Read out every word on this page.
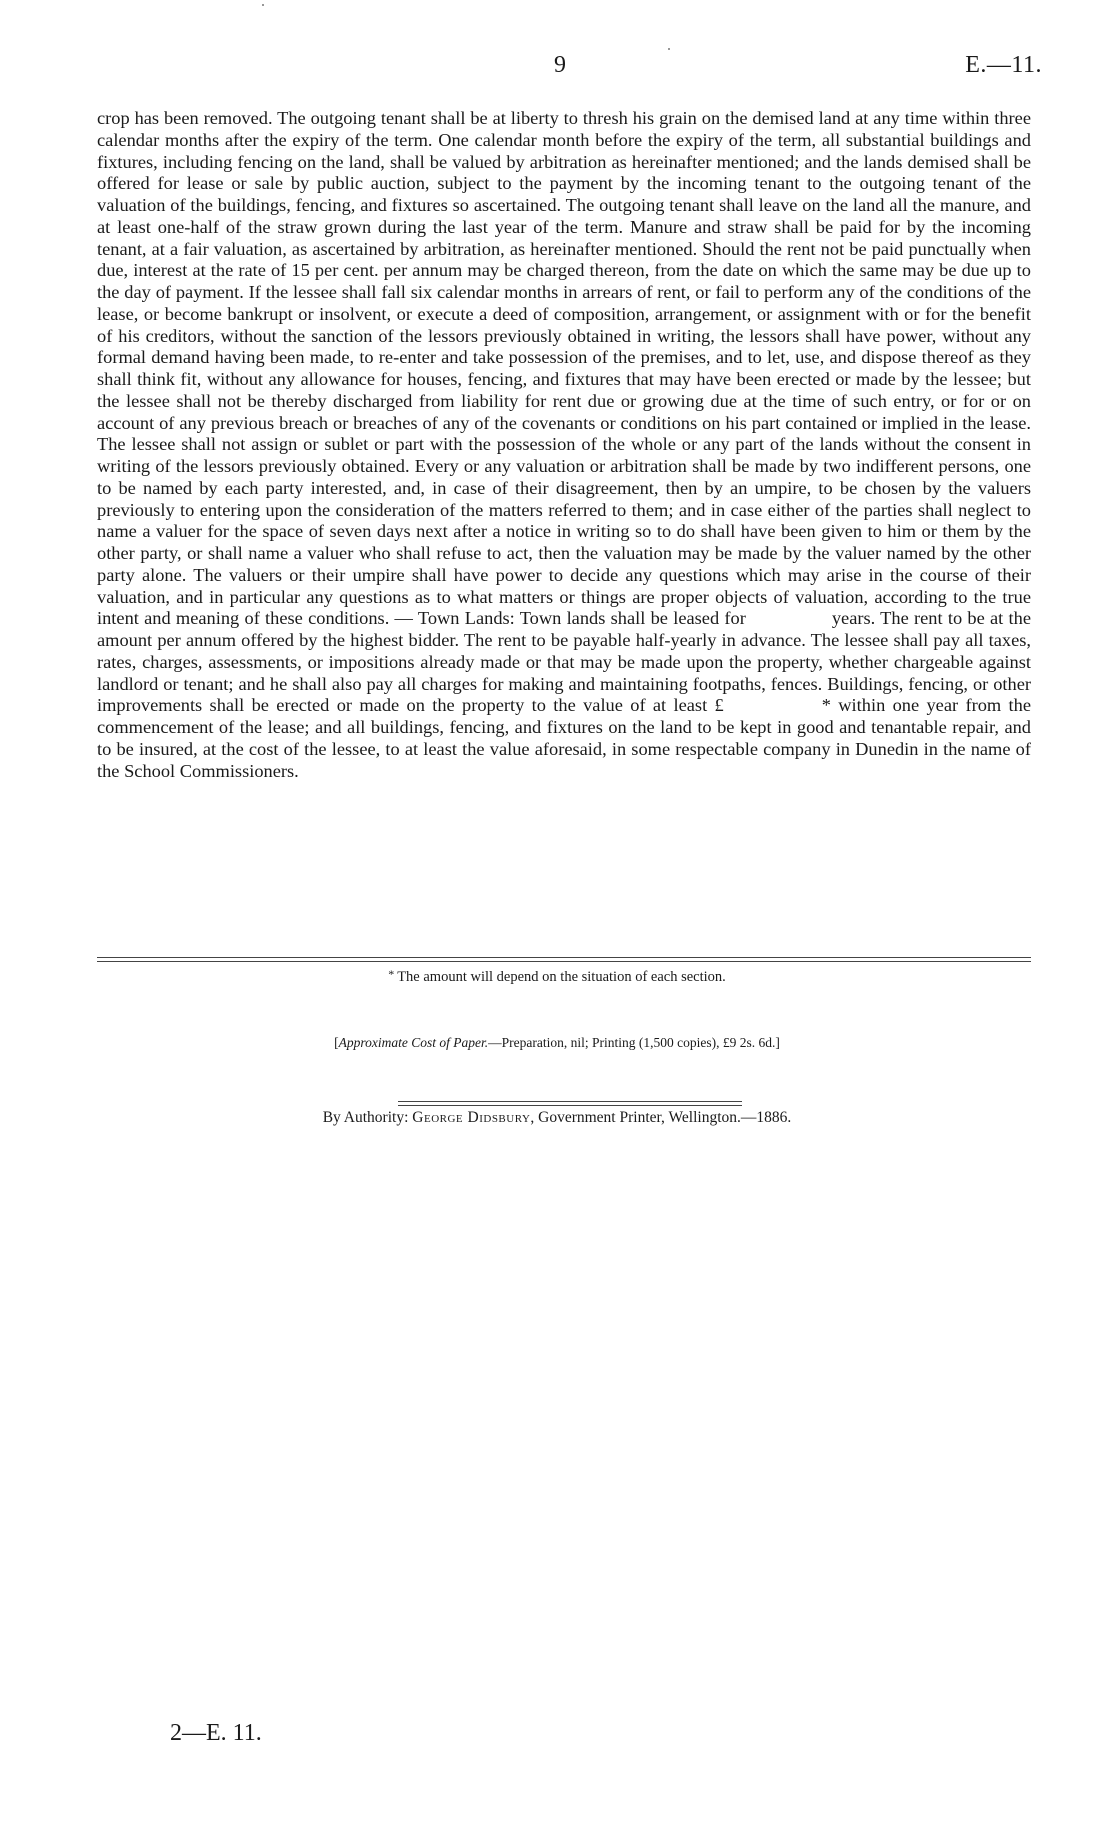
9	E.—11.

crop has been removed. The outgoing tenant shall be at liberty to thresh his grain on the demised land at any time within three calendar months after the expiry of the term. One calendar month before the expiry of the term, all substantial buildings and fixtures, including fencing on the land, shall be valued by arbitration as hereinafter mentioned; and the lands demised shall be offered for lease or sale by public auction, subject to the payment by the incoming tenant to the outgoing tenant of the valuation of the buildings, fencing, and fixtures so ascertained. The outgoing tenant shall leave on the land all the manure, and at least one-half of the straw grown during the last year of the term. Manure and straw shall be paid for by the incoming tenant, at a fair valuation, as ascertained by arbitration, as hereinafter mentioned. Should the rent not be paid punctually when due, interest at the rate of 15 per cent. per annum may be charged thereon, from the date on which the same may be due up to the day of payment. If the lessee shall fall six calendar months in arrears of rent, or fail to perform any of the conditions of the lease, or become bankrupt or insolvent, or execute a deed of composition, arrangement, or assignment with or for the benefit of his creditors, without the sanction of the lessors previously obtained in writing, the lessors shall have power, without any formal demand having been made, to re-enter and take possession of the premises, and to let, use, and dispose thereof as they shall think fit, without any allowance for houses, fencing, and fixtures that may have been erected or made by the lessee; but the lessee shall not be thereby discharged from liability for rent due or growing due at the time of such entry, or for or on account of any previous breach or breaches of any of the covenants or conditions on his part contained or implied in the lease. The lessee shall not assign or sublet or part with the possession of the whole or any part of the lands without the consent in writing of the lessors previously obtained. Every or any valuation or arbitration shall be made by two indifferent persons, one to be named by each party interested, and, in case of their disagreement, then by an umpire, to be chosen by the valuers previously to entering upon the consideration of the matters referred to them; and in case either of the parties shall neglect to name a valuer for the space of seven days next after a notice in writing so to do shall have been given to him or them by the other party, or shall name a valuer who shall refuse to act, then the valuation may be made by the valuer named by the other party alone. The valuers or their umpire shall have power to decide any questions which may arise in the course of their valuation, and in particular any questions as to what matters or things are proper objects of valuation, according to the true intent and meaning of these conditions. — Town Lands: Town lands shall be leased for	years. The rent to be at the amount per annum offered by the highest bidder. The rent to be payable half-yearly in advance. The lessee shall pay all taxes, rates, charges, assessments, or impositions already made or that may be made upon the property, whether chargeable against landlord or tenant; and he shall also pay all charges for making and maintaining footpaths, fences. Buildings, fencing, or other improvements shall be erected or made on the property to the value of at least £	* within one year from the commencement of the lease; and all buildings, fencing, and fixtures on the land to be kept in good and tenantable repair, and to be insured, at the cost of the lessee, to at least the value aforesaid, in some respectable company in Dunedin in the name of the School Commissioners.

* The amount will depend on the situation of each section.
[Approximate Cost of Paper.—Preparation, nil; Printing (1,500 copies), £9 2s. 6d.]
By Authority: George Didsbury, Government Printer, Wellington.—1886.
2—E. 11.
